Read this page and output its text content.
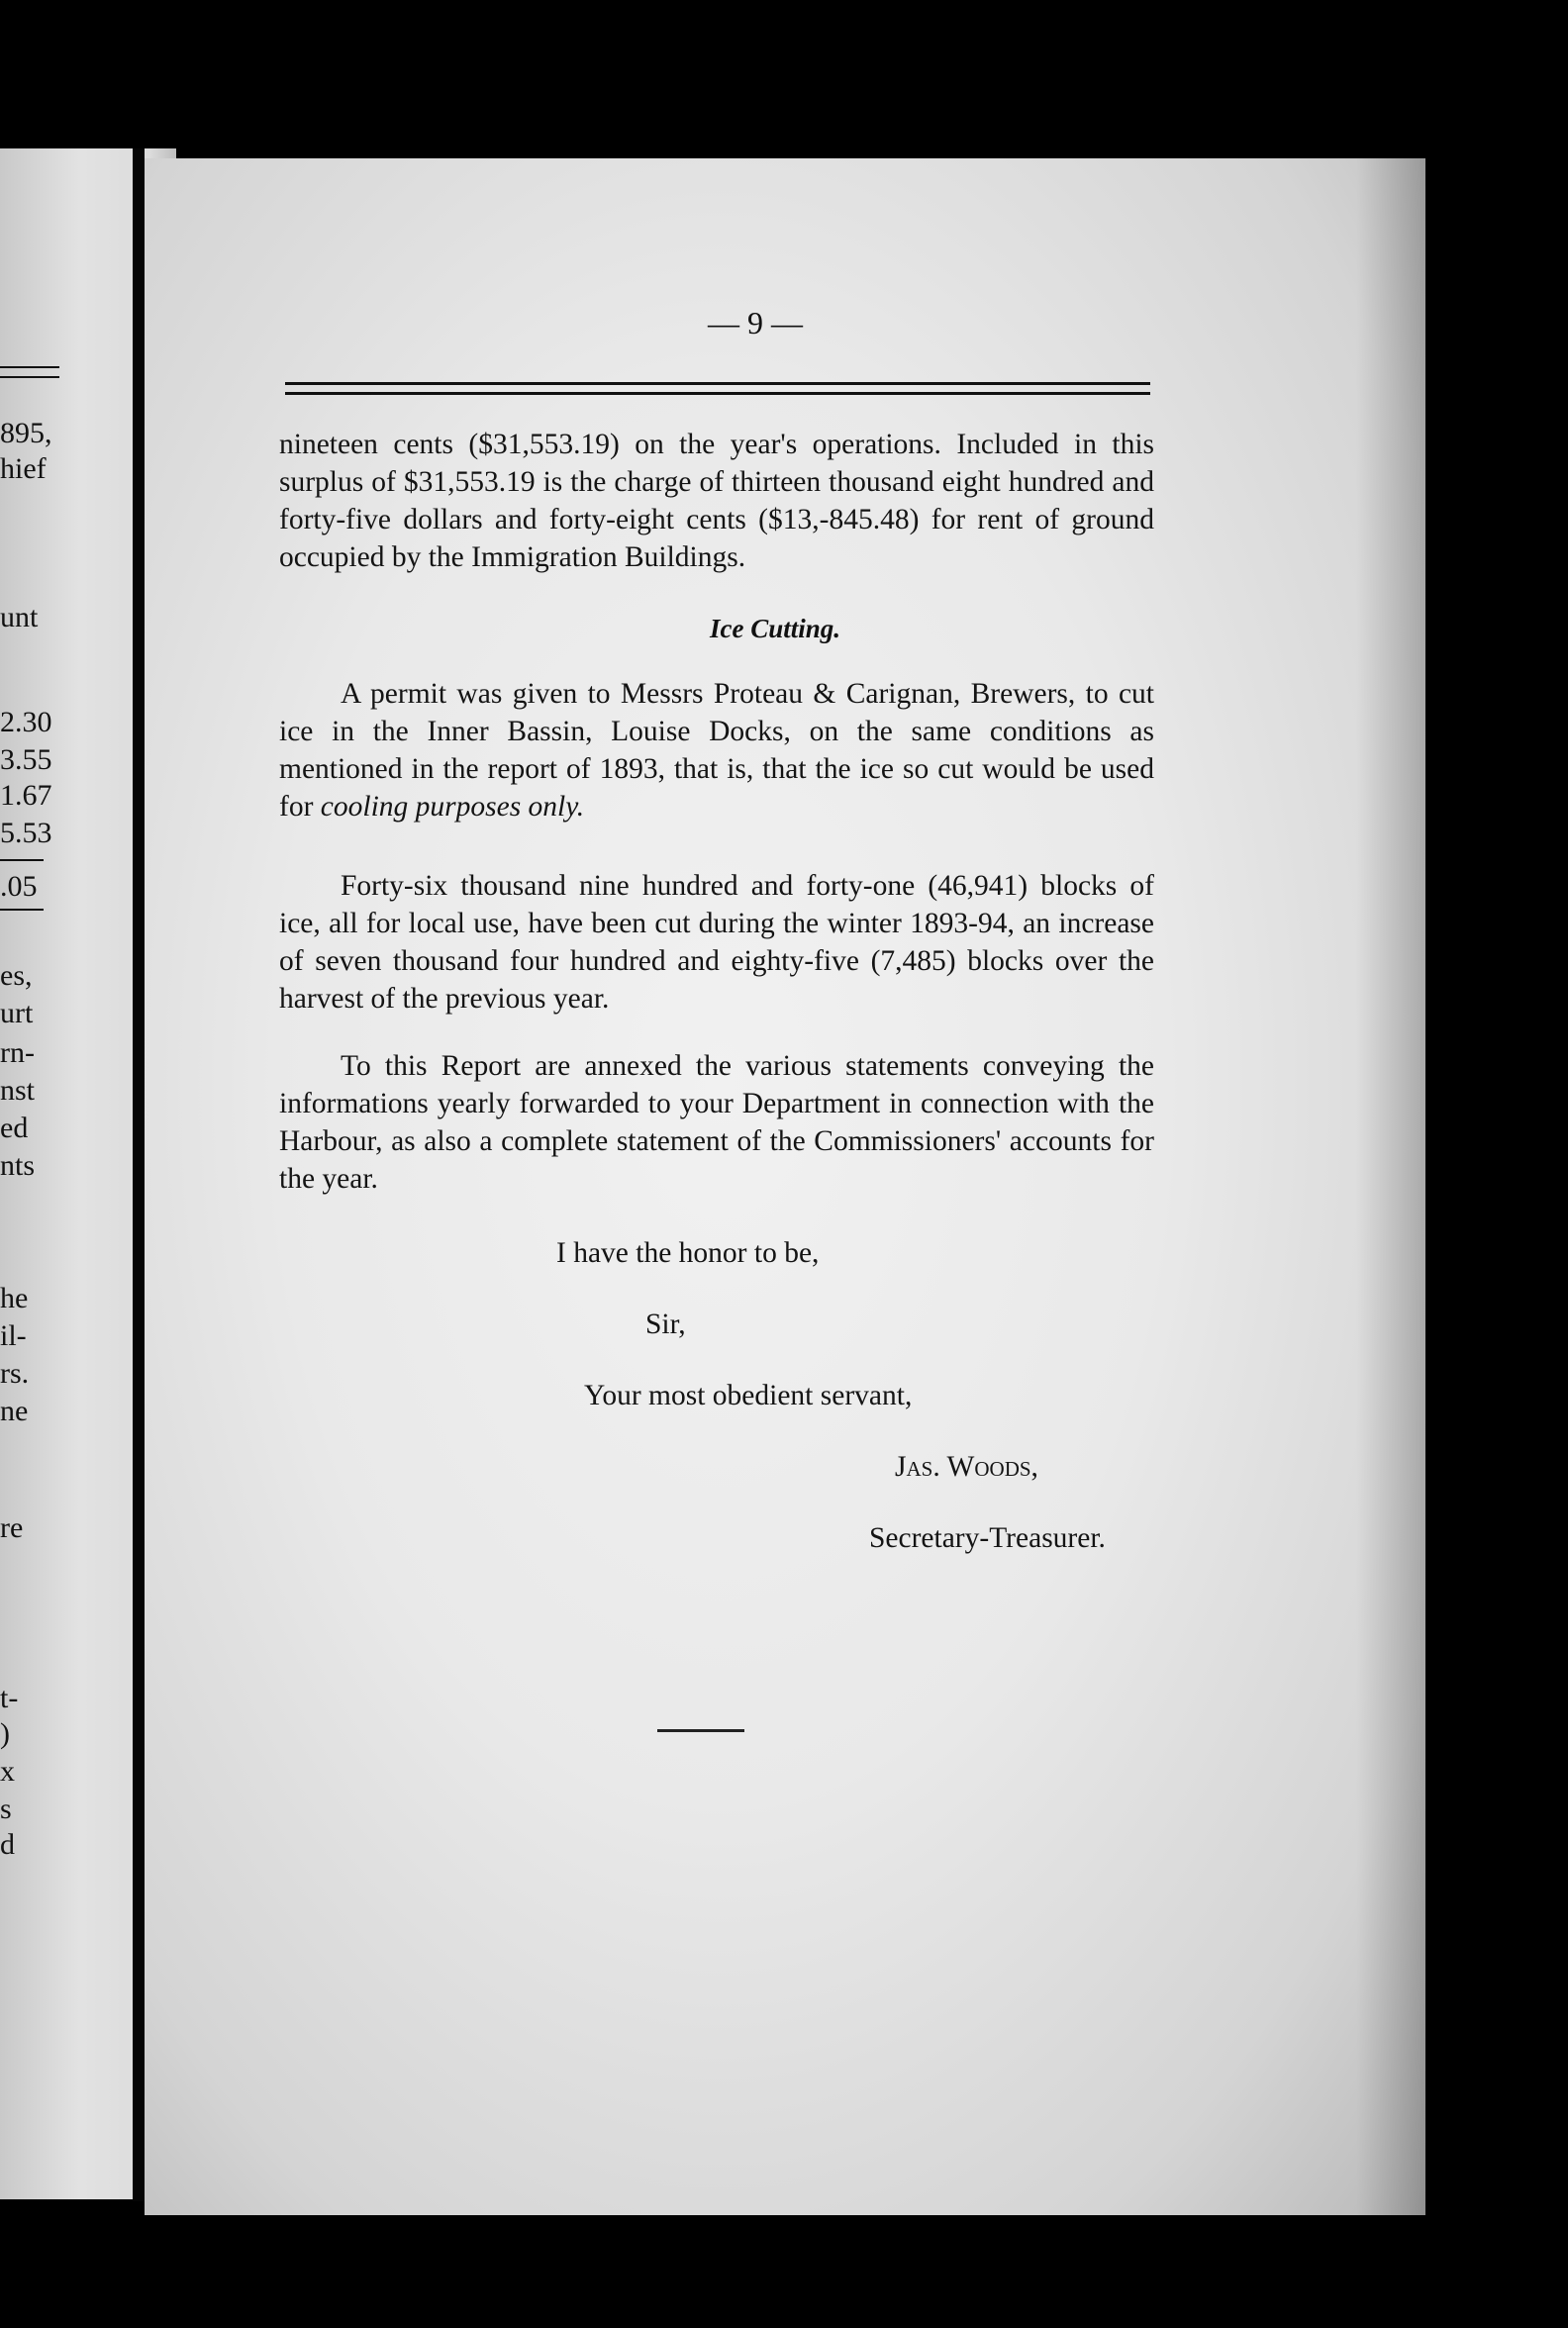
895,
hief
unt
2.30
3.55
1.67
5.53
.05
es,
urt
rn-
nst
ed
nts
he
il-
rs.
ne
re
t-
)
x
s
d
— 9 —

nineteen cents ($31,553.19) on the year's operations. Included in this surplus of $31,553.19 is the charge of thirteen thousand eight hundred and forty-five dollars and forty-eight cents ($13,-845.48) for rent of ground occupied by the Immigration Buildings.

Ice Cutting.

A permit was given to Messrs Proteau & Carignan, Brewers, to cut ice in the Inner Bassin, Louise Docks, on the same conditions as mentioned in the report of 1893, that is, that the ice so cut would be used for cooling purposes only.

Forty-six thousand nine hundred and forty-one (46,941) blocks of ice, all for local use, have been cut during the winter 1893-94, an increase of seven thousand four hundred and eighty-five (7,485) blocks over the harvest of the previous year.

To this Report are annexed the various statements conveying the informations yearly forwarded to your Department in connection with the Harbour, as also a complete statement of the Commissioners' accounts for the year.

I have the honor to be,
Sir,
Your most obedient servant,
Jas. Woods,
Secretary-Treasurer.
